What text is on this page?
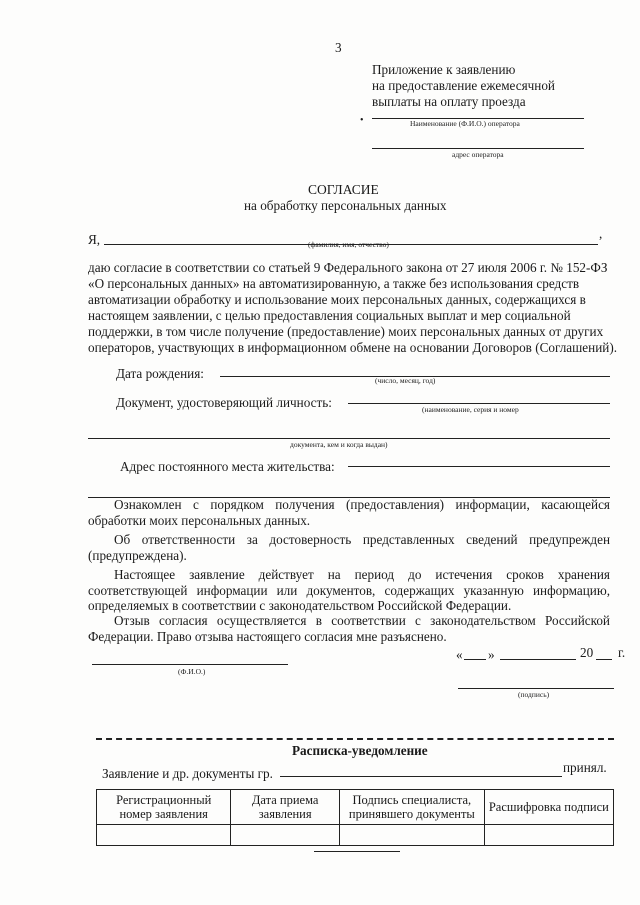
3
Приложение к заявлению
на предоставление ежемесячной
выплаты на оплату проезда
•	Наименование (Ф.И.О.) оператора
адрес оператора
СОГЛАСИЕ
на обработку персональных данных
Я,	,
(фамилия, имя, отчество)
даю согласие в соответствии со статьей 9 Федерального закона от 27 июля 2006 г. № 152-ФЗ
«О персональных данных» на автоматизированную, а также без использования средств
автоматизации обработку и использование моих персональных данных, содержащихся в
настоящем заявлении, с целью предоставления социальных выплат и мер социальной
поддержки, в том числе получение (предоставление) моих персональных данных от других
операторов, участвующих в информационном обмене на основании Договоров (Соглашений).
Дата рождения:	(число, месяц, год)
Документ, удостоверяющий личность:	(наименование, серия и номер
документа, кем и когда выдан)
Адрес постоянного места жительства:
Ознакомлен с порядком получения (предоставления) информации, касающейся обработки моих персональных данных.
Об ответственности за достоверность представленных сведений предупрежден (предупреждена).
Настоящее заявление действует на период до истечения сроков хранения соответствующей информации или документов, содержащих указанную информацию, определяемых в соответствии с законодательством Российской Федерации.
Отзыв согласия осуществляется в соответствии с законодательством Российской Федерации. Право отзыва настоящего согласия мне разъяснено.
« »	20 г.
(Ф.И.О.)
(подпись)
Расписка-уведомление
Заявление и др. документы гр.	принял.
Регистрационный номер заявления	Дата приема заявления	Подпись специалиста, принявшего документы	Расшифровка подписи
